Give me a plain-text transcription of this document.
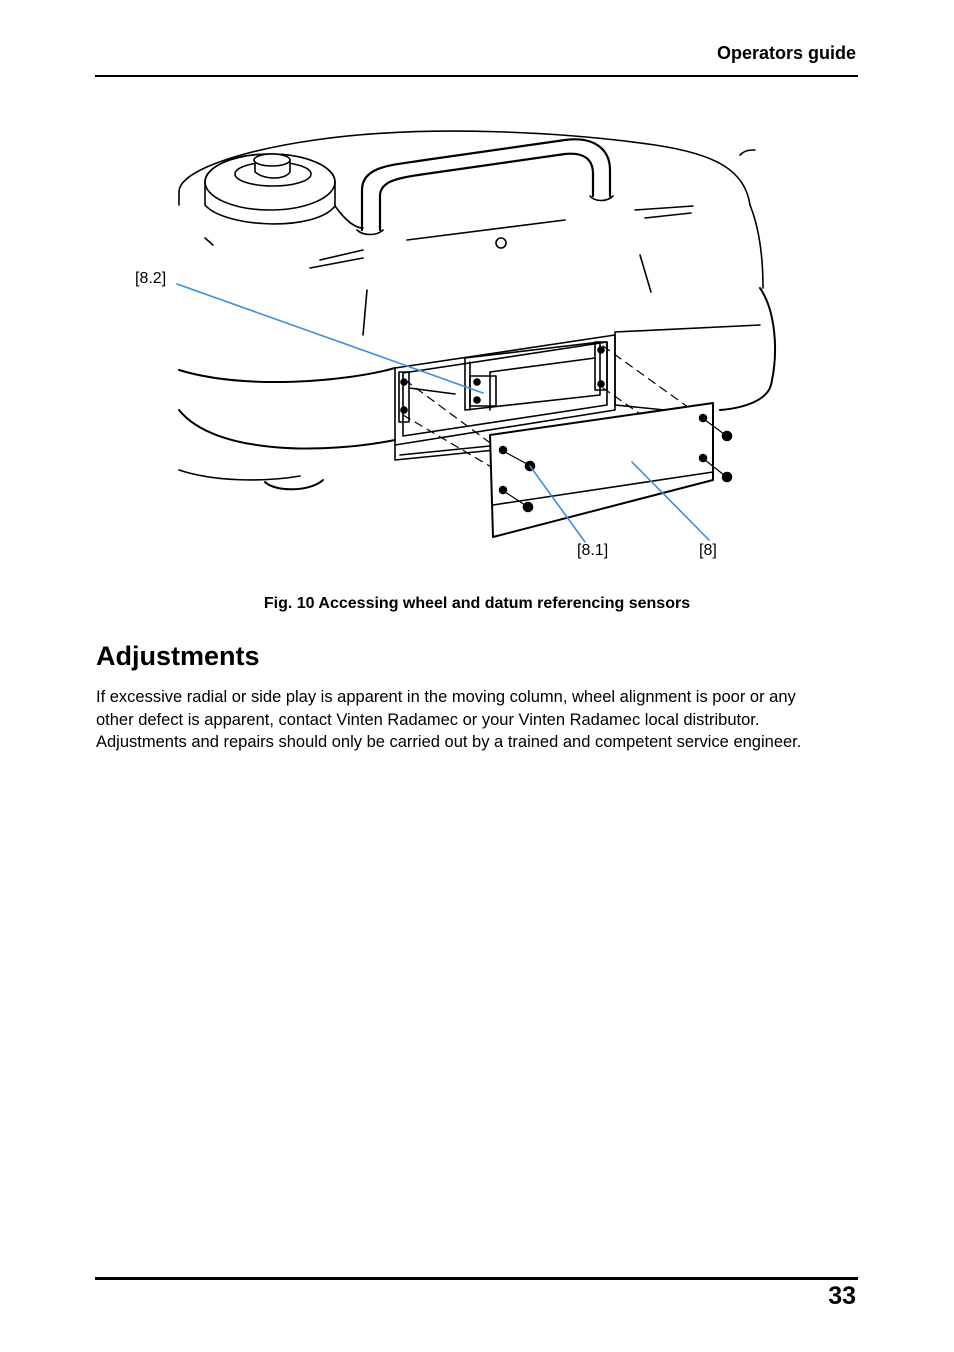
Operators guide
[8.2]
[8.1]	[8]
Fig. 10 Accessing wheel and datum referencing sensors
Adjustments

If excessive radial or side play is apparent in the moving column, wheel alignment is poor or any
other defect is apparent, contact Vinten Radamec or your Vinten Radamec local distributor.
Adjustments and repairs should only be carried out by a trained and competent service engineer.

33
